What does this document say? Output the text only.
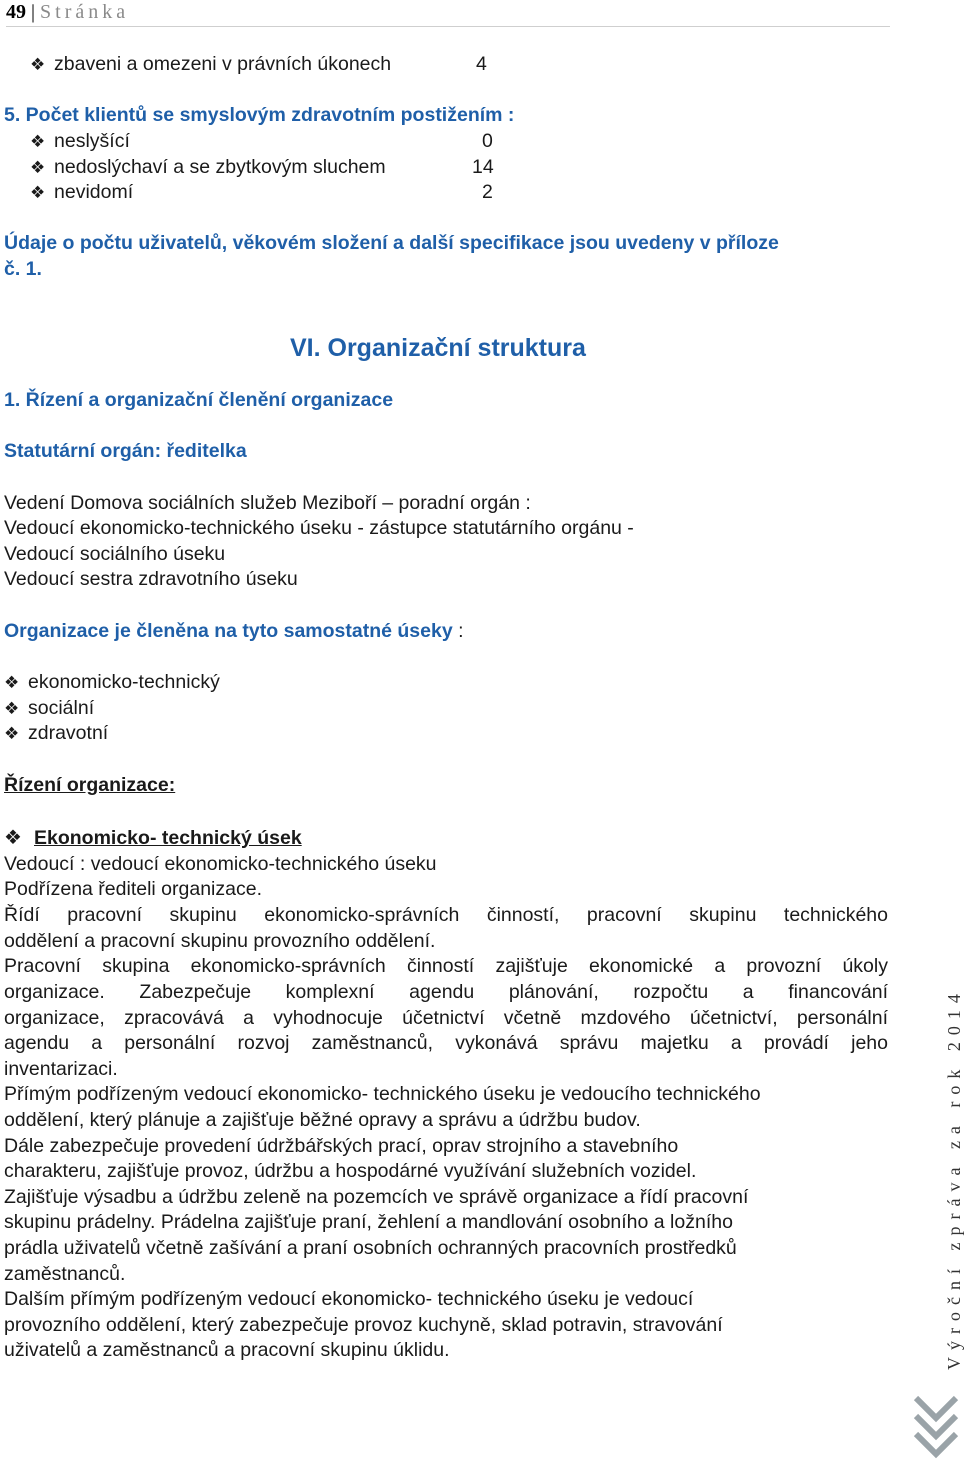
49 | Stránka
❖ zbaveni a omezeni v právních úkonech	4
5. Počet klientů se smyslovým zdravotním postižením :
❖ neslyšící	0
❖ nedoslýchaví a se zbytkovým sluchem	14
❖ nevidomí	2
Údaje o počtu uživatelů, věkovém složení a další specifikace jsou uvedeny v příloze
č. 1.
VI. Organizační struktura
1. Řízení a organizační členění organizace
Statutární orgán: ředitelka
Vedení Domova sociálních služeb Meziboří – poradní orgán :
Vedoucí ekonomicko-technického úseku - zástupce statutárního orgánu -
Vedoucí sociálního úseku
Vedoucí sestra zdravotního úseku
Organizace je členěna na tyto samostatné úseky :
❖ ekonomicko-technický
❖ sociální
❖ zdravotní
Řízení organizace:
❖ Ekonomicko- technický úsek
Vedoucí : vedoucí ekonomicko-technického úseku
Podřízena řediteli organizace.
Řídí pracovní skupinu ekonomicko-správních činností, pracovní skupinu technického
oddělení a pracovní skupinu provozního oddělení.
Pracovní skupina ekonomicko-správních činností zajišťuje ekonomické a provozní úkoly
organizace. Zabezpečuje komplexní agendu plánování, rozpočtu a financování
organizace, zpracovává a vyhodnocuje účetnictví včetně mzdového účetnictví, personální
agendu a personální rozvoj zaměstnanců, vykonává správu majetku a provádí jeho
inventarizaci.
Přímým podřízeným vedoucí ekonomicko- technického úseku je vedoucího technického
oddělení, který plánuje a zajišťuje běžné opravy a správu a údržbu budov.
Dále zabezpečuje provedení údržbářských prací, oprav strojního a stavebního
charakteru, zajišťuje provoz, údržbu a hospodárné využívání služebních vozidel.
Zajišťuje výsadbu a údržbu zeleně na pozemcích ve správě organizace a řídí pracovní
skupinu prádelny. Prádelna zajišťuje praní, žehlení a mandlování osobního a ložního
prádla uživatelů včetně zašívání a praní osobních ochranných pracovních prostředků
zaměstnanců.
Dalším přímým podřízeným vedoucí ekonomicko- technického úseku je vedoucí
provozního oddělení, který zabezpečuje provoz kuchyně, sklad potravin, stravování
uživatelů a zaměstnanců a pracovní skupinu úklidu.	Výroční zpráva za rok 2014
